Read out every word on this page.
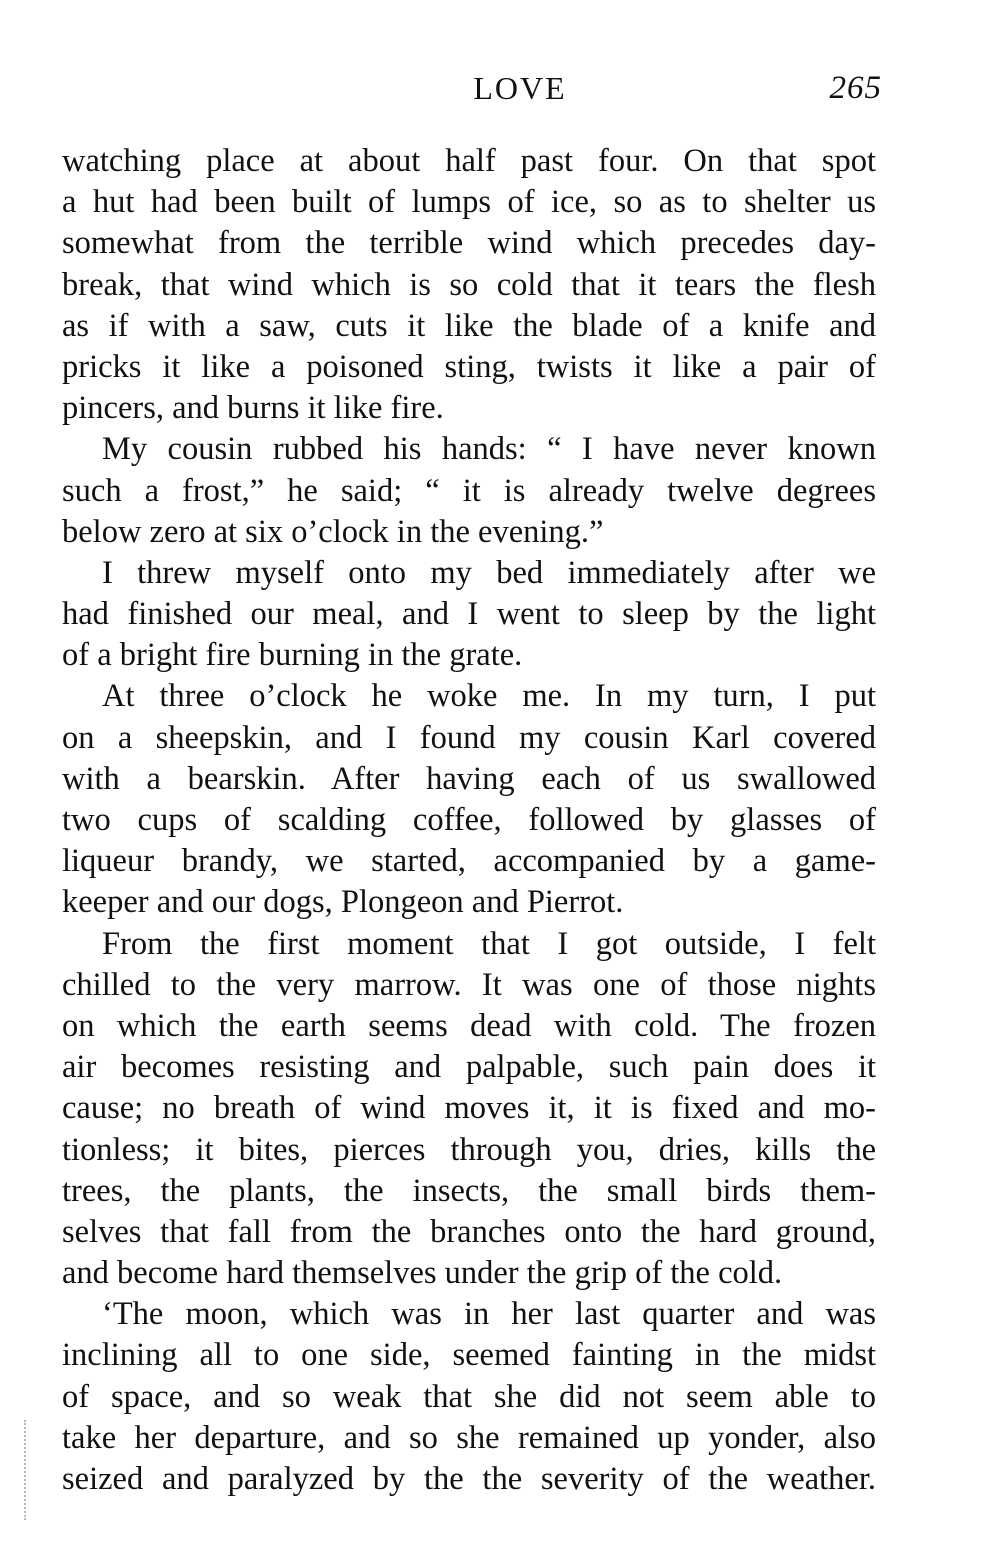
LOVE	265
watching place at about half past four. On that spot
a hut had been built of lumps of ice, so as to shelter us
somewhat from the terrible wind which precedes day-
break, that wind which is so cold that it tears the flesh
as if with a saw, cuts it like the blade of a knife and
pricks it like a poisoned sting, twists it like a pair of
pincers, and burns it like fire.
My cousin rubbed his hands: “ I have never known
such a frost,” he said; “ it is already twelve degrees
below zero at six o’clock in the evening.”
I threw myself onto my bed immediately after we
had finished our meal, and I went to sleep by the light
of a bright fire burning in the grate.
At three o’clock he woke me. In my turn, I put
on a sheepskin, and I found my cousin Karl covered
with a bearskin. After having each of us swallowed
two cups of scalding coffee, followed by glasses of
liqueur brandy, we started, accompanied by a game-
keeper and our dogs, Plongeon and Pierrot.
From the first moment that I got outside, I felt
chilled to the very marrow. It was one of those nights
on which the earth seems dead with cold. The frozen
air becomes resisting and palpable, such pain does it
cause; no breath of wind moves it, it is fixed and mo-
tionless; it bites, pierces through you, dries, kills the
trees, the plants, the insects, the small birds them-
selves that fall from the branches onto the hard ground,
and become hard themselves under the grip of the cold.
‘The moon, which was in her last quarter and was
inclining all to one side, seemed fainting in the midst
of space, and so weak that she did not seem able to
take her departure, and so she remained up yonder, also
seized and paralyzed by the the severity of the weather.
